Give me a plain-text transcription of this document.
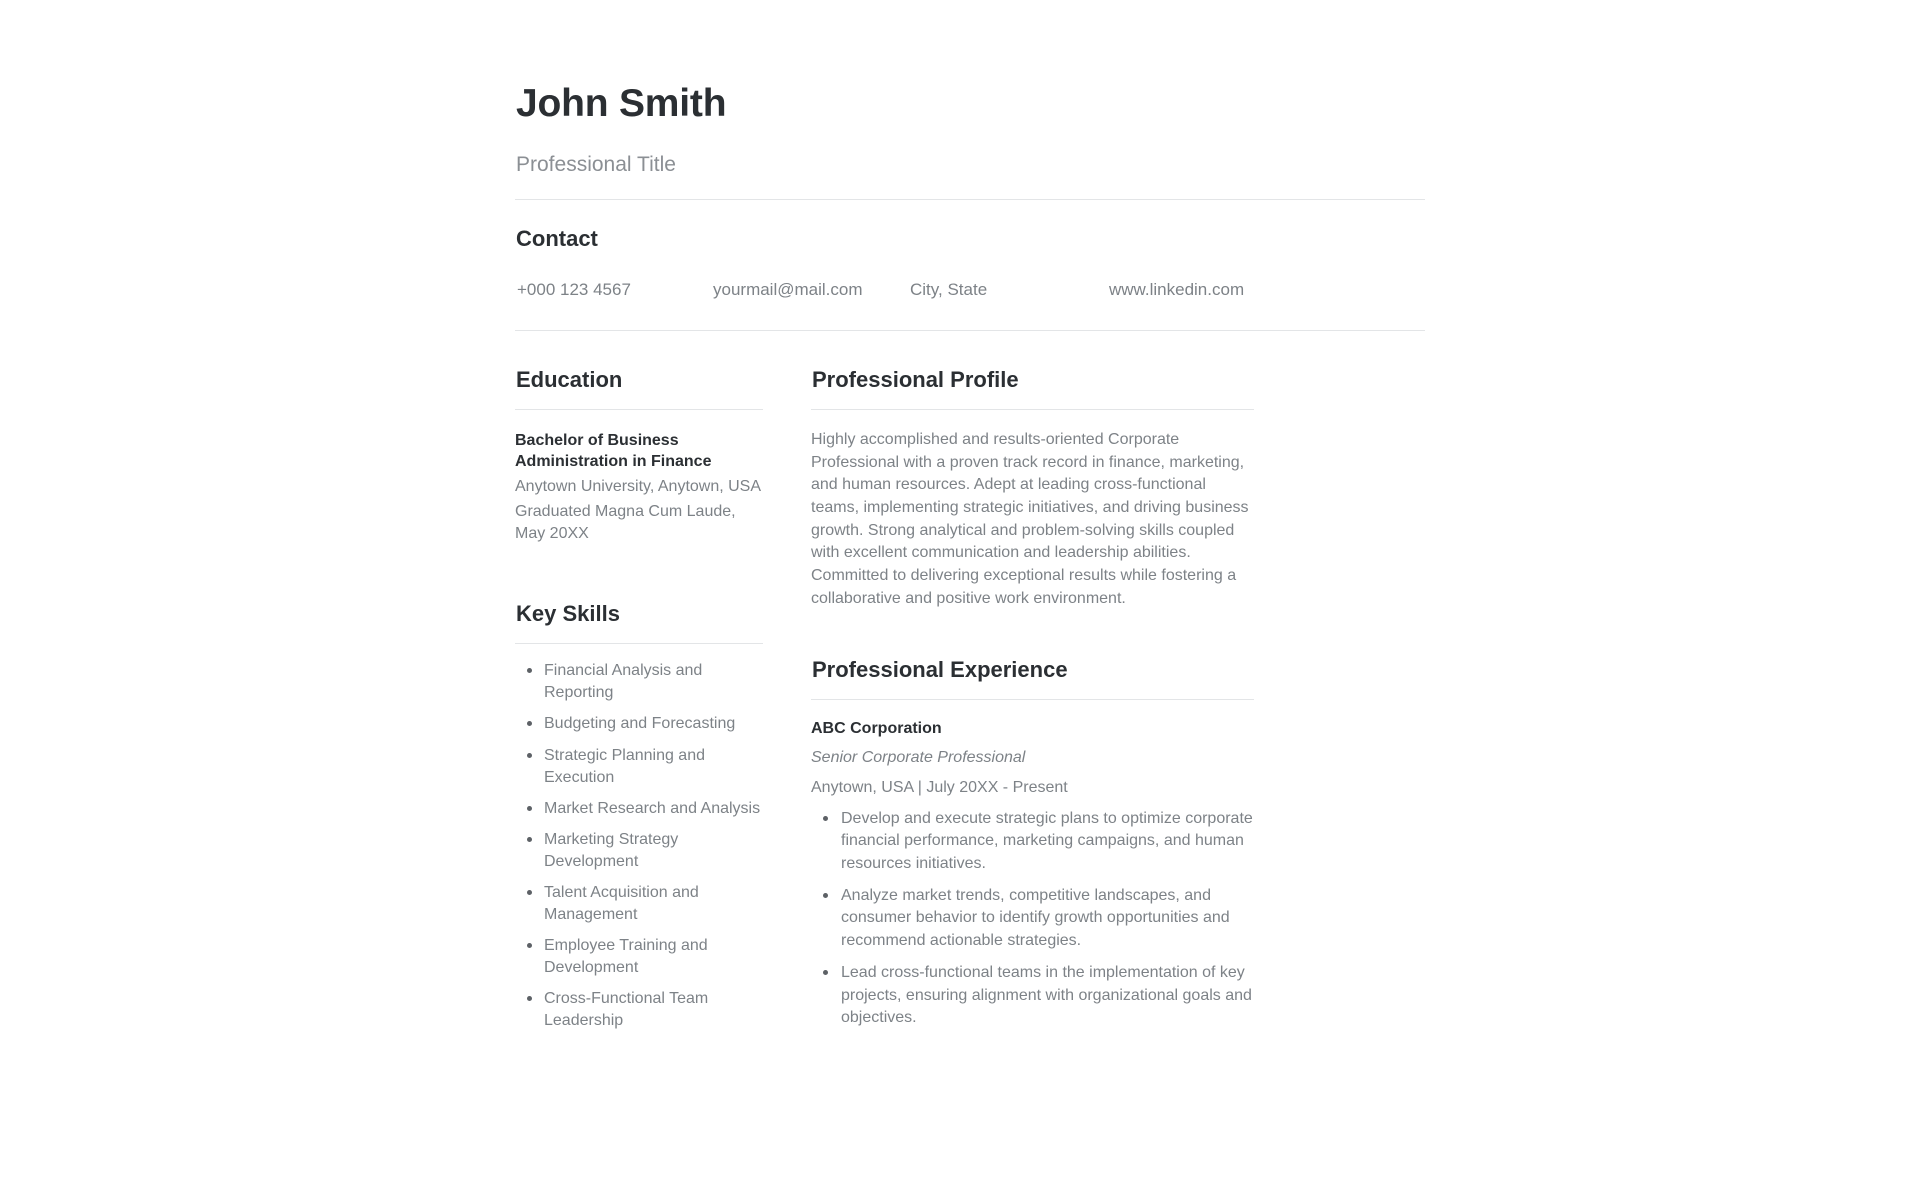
John Smith
Professional Title
Contact
+000 123 4567	yourmail@mail.com	City, State	www.linkedin.com
Education
Bachelor of Business Administration in Finance
Anytown University, Anytown, USA
Graduated Magna Cum Laude, May 20XX
Key Skills
Financial Analysis and Reporting
Budgeting and Forecasting
Strategic Planning and Execution
Market Research and Analysis
Marketing Strategy Development
Talent Acquisition and Management
Employee Training and Development
Cross-Functional Team Leadership
Professional Profile

Highly accomplished and results-oriented Corporate Professional with a proven track record in finance, marketing, and human resources. Adept at leading cross-functional teams, implementing strategic initiatives, and driving business growth. Strong analytical and problem-solving skills coupled with excellent communication and leadership abilities. Committed to delivering exceptional results while fostering a collaborative and positive work environment.

Professional Experience
ABC Corporation
Senior Corporate Professional
Anytown, USA | July 20XX - Present
Develop and execute strategic plans to optimize corporate financial performance, marketing campaigns, and human resources initiatives.
Analyze market trends, competitive landscapes, and consumer behavior to identify growth opportunities and recommend actionable strategies.
Lead cross-functional teams in the implementation of key projects, ensuring alignment with organizational goals and objectives.
